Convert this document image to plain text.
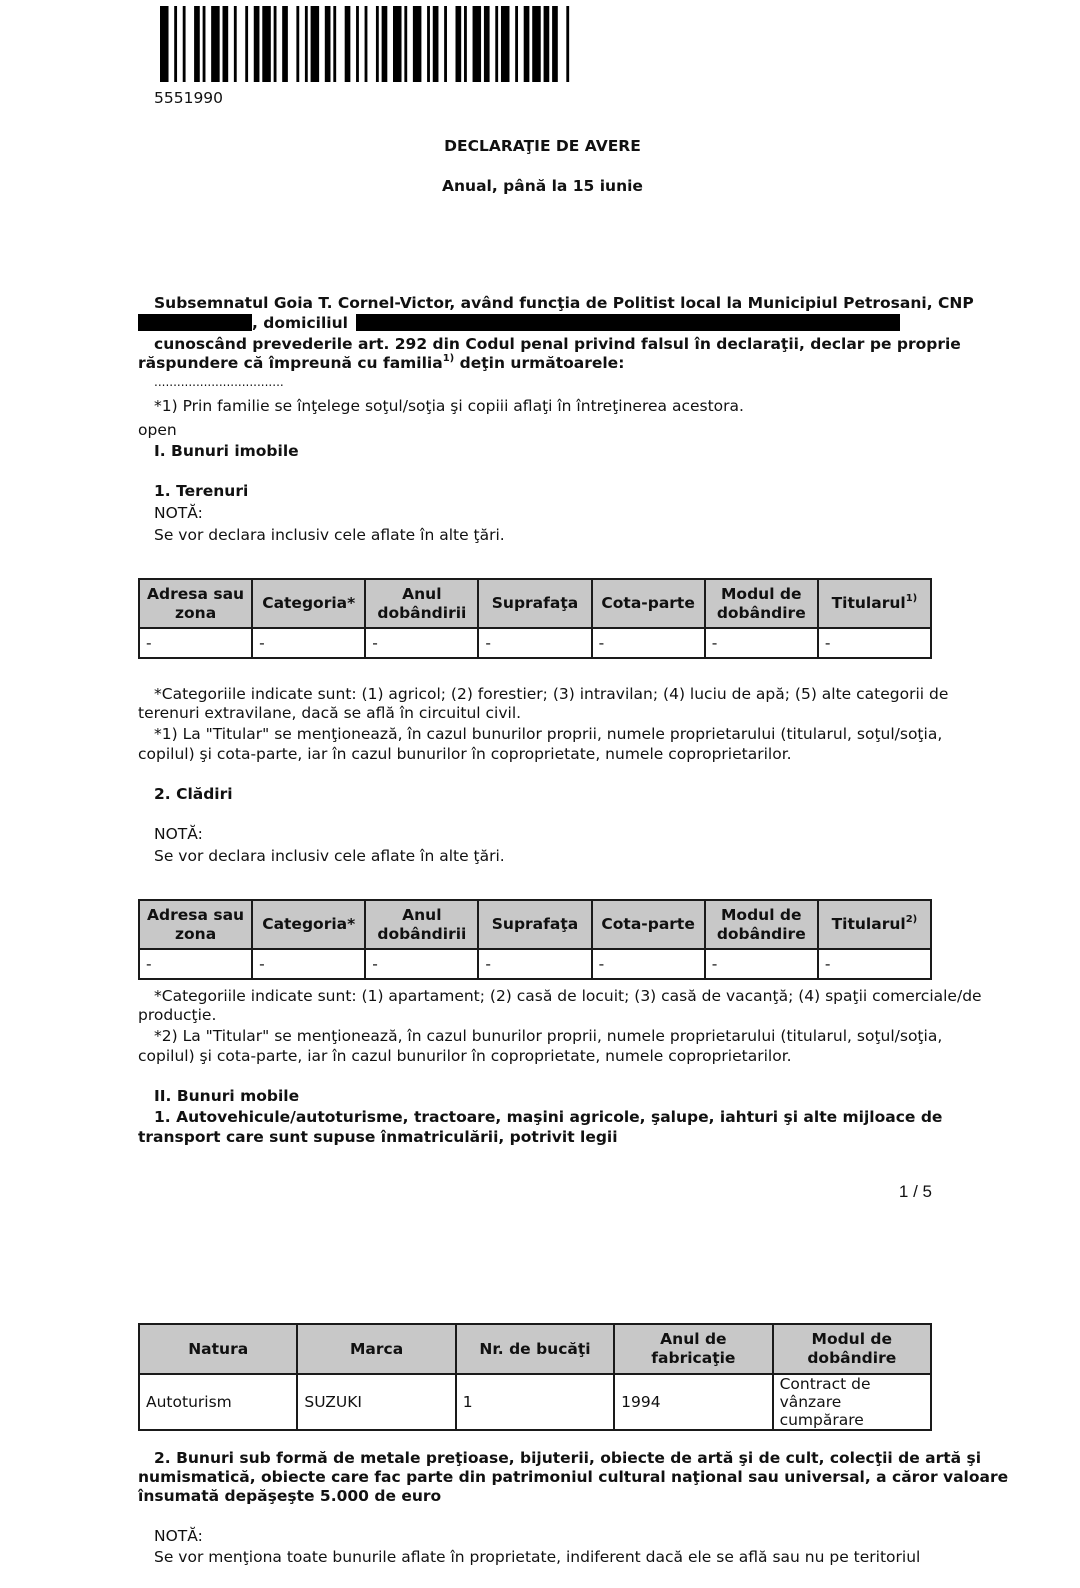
5551990
DECLARAŢIE DE AVERE
Anual, până la 15 iunie
Subsemnatul Goia T. Cornel-Victor, având funcţia de Politist local la Municipiul Petrosani, CNP
, domiciliul
cunoscând prevederile art. 292 din Codul penal privind falsul în declaraţii, declar pe proprie
răspundere că împreună cu familia$^{1)}$ deţin următoarele:
..................................
*1) Prin familie se înţelege soţul/soţia şi copiii aflaţi în întreţinerea acestora.
open
I. Bunuri imobile
1. Terenuri
NOTĂ:
Se vor declara inclusiv cele aflate în alte ţări.
Adresa sau zona	Categoria*	Anul dobândirii	Suprafaţa	Cota-parte	Modul de dobândire	Titularul$^{1)}$
-	-	-	-	-	-	-
*Categoriile indicate sunt: (1) agricol; (2) forestier; (3) intravilan; (4) luciu de apă; (5) alte categorii de
terenuri extravilane, dacă se află în circuitul civil.
*1) La "Titular" se menţionează, în cazul bunurilor proprii, numele proprietarului (titularul, soţul/soţia,
copilul) şi cota-parte, iar în cazul bunurilor în coproprietate, numele coproprietarilor.
2. Clădiri
NOTĂ:
Se vor declara inclusiv cele aflate în alte ţări.
Adresa sau zona	Categoria*	Anul dobândirii	Suprafaţa	Cota-parte	Modul de dobândire	Titularul$^{2)}$
-	-	-	-	-	-	-
*Categoriile indicate sunt: (1) apartament; (2) casă de locuit; (3) casă de vacanţă; (4) spaţii comerciale/de
producţie.
*2) La "Titular" se menţionează, în cazul bunurilor proprii, numele proprietarului (titularul, soţul/soţia,
copilul) şi cota-parte, iar în cazul bunurilor în coproprietate, numele coproprietarilor.
II. Bunuri mobile
1. Autovehicule/autoturisme, tractoare, maşini agricole, şalupe, iahturi şi alte mijloace de
transport care sunt supuse înmatriculării, potrivit legii
1 / 5
Natura	Marca	Nr. de bucăţi	Anul de fabricaţie	Modul de dobândire
Autoturism	SUZUKI	1	1994	Contract de vânzare cumpărare
2. Bunuri sub formă de metale preţioase, bijuterii, obiecte de artă şi de cult, colecţii de artă şi
numismatică, obiecte care fac parte din patrimoniul cultural naţional sau universal, a căror valoare
însumată depăşeşte 5.000 de euro
NOTĂ:
Se vor menţiona toate bunurile aflate în proprietate, indiferent dacă ele se află sau nu pe teritoriul
